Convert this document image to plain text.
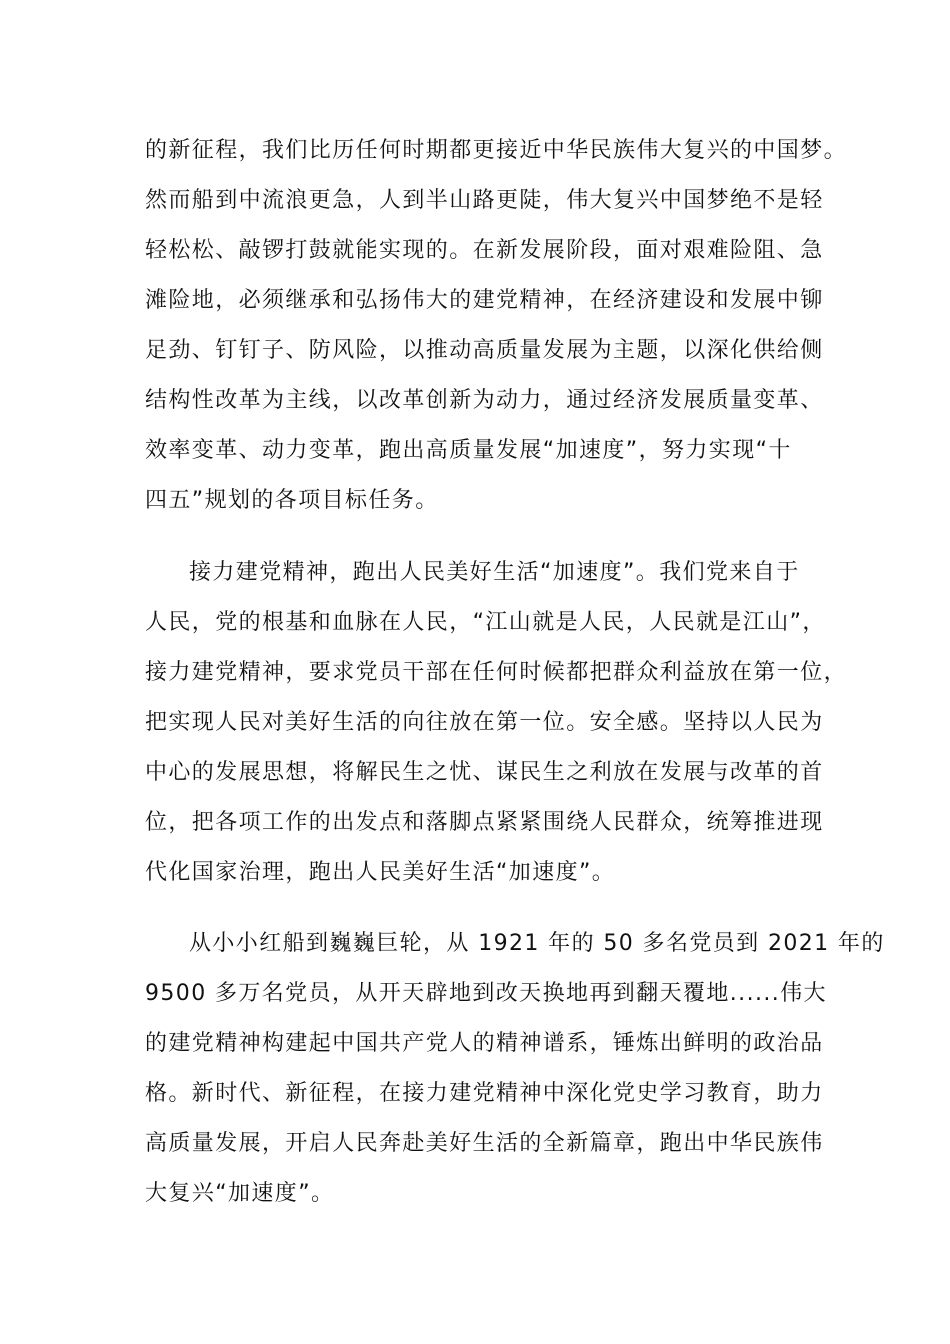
的新征程，我们比历任何时期都更接近中华民族伟大复兴的中国梦。
然而船到中流浪更急，人到半山路更陡，伟大复兴中国梦绝不是轻
轻松松、敲锣打鼓就能实现的。在新发展阶段，面对艰难险阻、急
滩险地，必须继承和弘扬伟大的建党精神，在经济建设和发展中铆
足劲、钉钉子、防风险，以推动高质量发展为主题，以深化供给侧
结构性改革为主线，以改革创新为动力，通过经济发展质量变革、
效率变革、动力变革，跑出高质量发展“加速度”，努力实现“十
四五”规划的各项目标任务。
接力建党精神，跑出人民美好生活“加速度”。我们党来自于
人民，党的根基和血脉在人民，“江山就是人民，人民就是江山”，
接力建党精神，要求党员干部在任何时候都把群众利益放在第一位，
把实现人民对美好生活的向往放在第一位。安全感。坚持以人民为
中心的发展思想，将解民生之忧、谋民生之利放在发展与改革的首
位，把各项工作的出发点和落脚点紧紧围绕人民群众，统筹推进现
代化国家治理，跑出人民美好生活“加速度”。
从小小红船到巍巍巨轮，从 1921 年的 50 多名党员到 2021 年的
9500 多万名党员，从开天辟地到改天换地再到翻天覆地......伟大
的建党精神构建起中国共产党人的精神谱系，锤炼出鲜明的政治品
格。新时代、新征程，在接力建党精神中深化党史学习教育，助力
高质量发展，开启人民奔赴美好生活的全新篇章，跑出中华民族伟
大复兴“加速度”。
